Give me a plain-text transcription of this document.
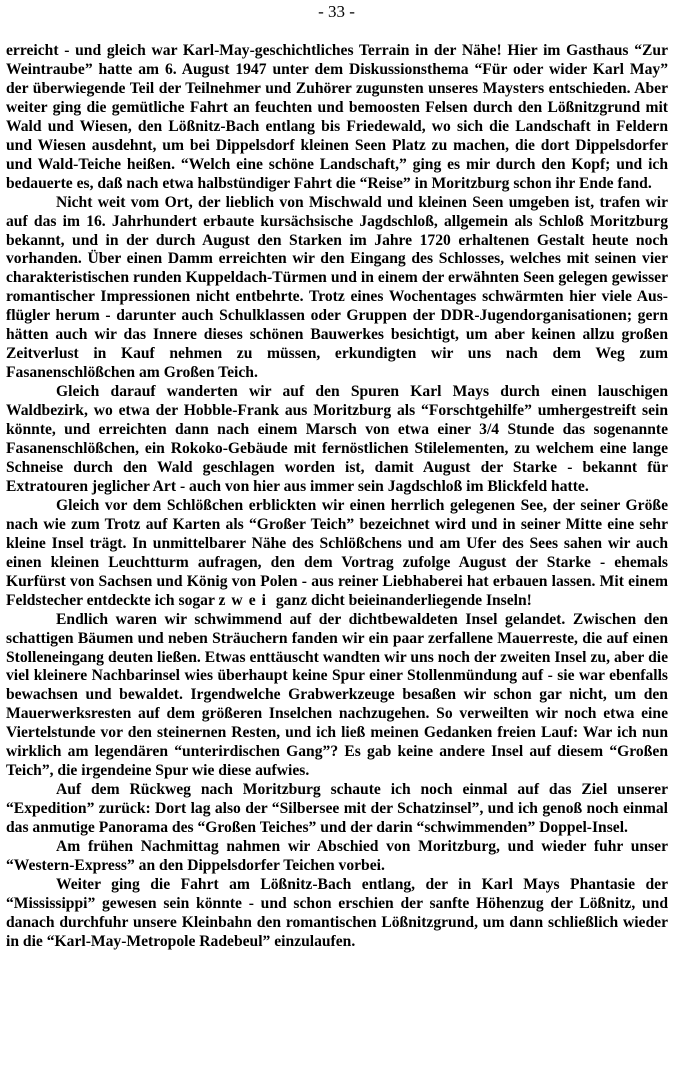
- 33 -

erreicht - und gleich war Karl-May-geschichtliches Terrain in der Nähe! Hier im Gasthaus “Zur Weintraube” hatte am 6. August 1947 unter dem Diskussionsthema “Für oder wider Karl May” der überwiegende Teil der Teilnehmer und Zuhörer zugunsten unseres Maysters entschieden. Aber weiter ging die gemütliche Fahrt an feuchten und bemoosten Felsen durch den Lößnitzgrund mit Wald und Wiesen, den Lößnitz-Bach entlang bis Friedewald, wo sich die Landschaft in Feldern und Wiesen ausdehnt, um bei Dippelsdorf kleinen Seen Platz zu machen, die dort Dippelsdorfer und Wald-Teiche heißen. “Welch eine schöne Landschaft,” ging es mir durch den Kopf; und ich bedauerte es, daß nach etwa halbstündiger Fahrt die “Reise” in Moritzburg schon ihr Ende fand.

Nicht weit vom Ort, der lieblich von Mischwald und kleinen Seen umgeben ist, trafen wir auf das im 16. Jahrhundert erbaute kursächsische Jagdschloß, allgemein als Schloß Moritzburg bekannt, und in der durch August den Starken im Jahre 1720 erhaltenen Gestalt heute noch vorhanden. Über einen Damm erreichten wir den Eingang des Schlosses, welches mit seinen vier charakteristischen runden Kuppeldach-Türmen und in einem der erwähnten Seen gelegen gewisser romantischer Impressionen nicht entbehrte. Trotz eines Wochentages schwärmten hier viele Ausflügler herum - darunter auch Schulklassen oder Gruppen der DDR-Jugendorganisationen; gern hätten auch wir das Innere dieses schönen Bauwerkes besichtigt, um aber keinen allzu großen Zeitverlust in Kauf nehmen zu müssen, erkundigten wir uns nach dem Weg zum Fasanenschlößchen am Großen Teich.

Gleich darauf wanderten wir auf den Spuren Karl Mays durch einen lauschigen Waldbezirk, wo etwa der Hobble-Frank aus Moritzburg als “Forschtgehilfe” umhergestreift sein könnte, und erreichten dann nach einem Marsch von etwa einer 3/4 Stunde das sogenannte Fasanenschlößchen, ein Rokoko-Gebäude mit fernöstlichen Stilelementen, zu welchem eine lange Schneise durch den Wald geschlagen worden ist, damit August der Starke - bekannt für Extratouren jeglicher Art - auch von hier aus immer sein Jagdschloß im Blickfeld hatte.

Gleich vor dem Schlößchen erblickten wir einen herrlich gelegenen See, der seiner Größe nach wie zum Trotz auf Karten als “Großer Teich” bezeichnet wird und in seiner Mitte eine sehr kleine Insel trägt. In unmittelbarer Nähe des Schlößchens und am Ufer des Sees sahen wir auch einen kleinen Leuchtturm aufragen, den dem Vortrag zufolge August der Starke - ehemals Kurfürst von Sachsen und König von Polen - aus reiner Liebhaberei hat erbauen lassen. Mit einem Feldstecher entdeckte ich sogar zwei ganz dicht beieinanderliegende Inseln!

Endlich waren wir schwimmend auf der dichtbewaldeten Insel gelandet. Zwischen den schattigen Bäumen und neben Sträuchern fanden wir ein paar zerfallene Mauerreste, die auf einen Stolleneingang deuten ließen. Etwas enttäuscht wandten wir uns noch der zweiten Insel zu, aber die viel kleinere Nachbarinsel wies überhaupt keine Spur einer Stollenmündung auf - sie war ebenfalls bewachsen und bewaldet. Irgendwelche Grabwerkzeuge besaßen wir schon gar nicht, um den Mauerwerksresten auf dem größeren Inselchen nachzugehen. So verweilten wir noch etwa eine Viertelstunde vor den steinernen Resten, und ich ließ meinen Gedanken freien Lauf: War ich nun wirklich am legendären “unterirdischen Gang”? Es gab keine andere Insel auf diesem “Großen Teich”, die irgendeine Spur wie diese aufwies.

Auf dem Rückweg nach Moritzburg schaute ich noch einmal auf das Ziel unserer “Expedition” zurück: Dort lag also der “Silbersee mit der Schatzinsel”, und ich genoß noch einmal das anmutige Panorama des “Großen Teiches” und der darin “schwimmenden” Doppel-Insel.

Am frühen Nachmittag nahmen wir Abschied von Moritzburg, und wieder fuhr unser “Western-Express” an den Dippelsdorfer Teichen vorbei.

Weiter ging die Fahrt am Lößnitz-Bach entlang, der in Karl Mays Phantasie der “Mississippi” gewesen sein könnte - und schon erschien der sanfte Höhenzug der Lößnitz, und danach durchfuhr unsere Kleinbahn den romantischen Lößnitzgrund, um dann schließlich wieder in die “Karl-May-Metropole Radebeul” einzulaufen.
